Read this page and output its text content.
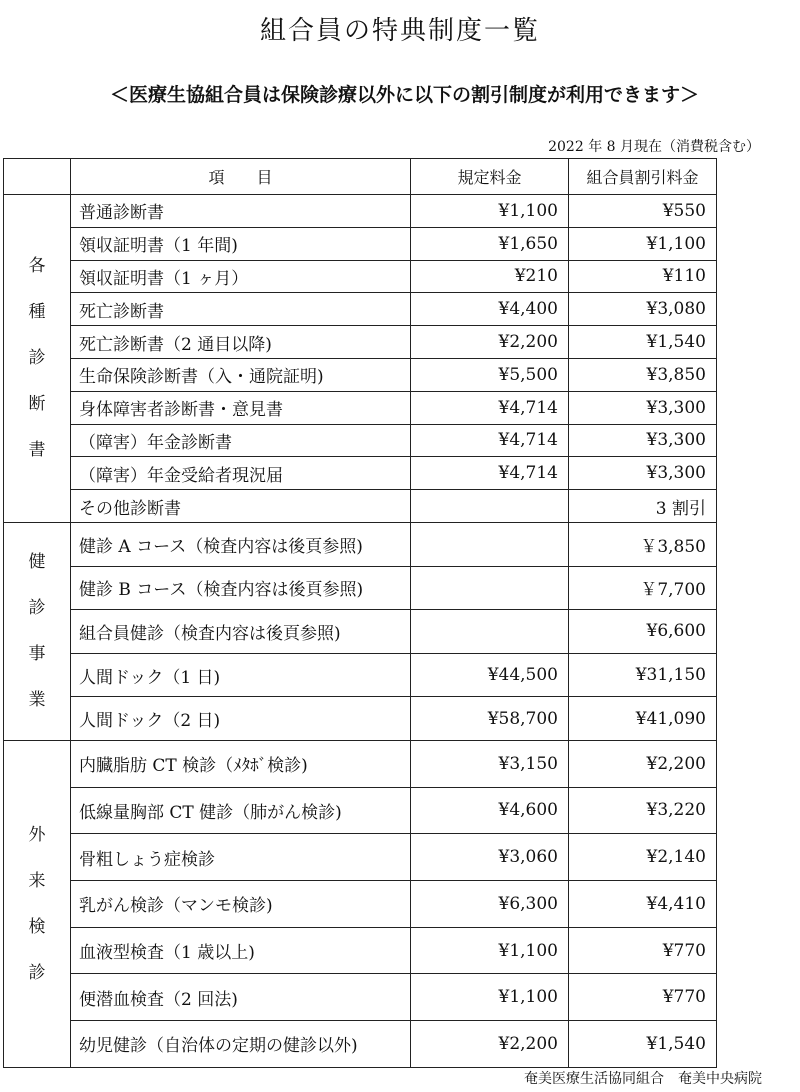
組合員の特典制度一覧
＜医療生協組合員は保険診療以外に以下の割引制度が利用できます＞
2022 年 8 月現在（消費税含む）
	項　　目	規定料金	組合員割引料金
各種診断書	普通診断書	¥1,100	¥550
	領収証明書（1 年間)	¥1,650	¥1,100
	領収証明書（1 ヶ月）	¥210	¥110
	死亡診断書	¥4,400	¥3,080
	死亡診断書（2 通目以降)	¥2,200	¥1,540
	生命保険診断書（入・通院証明)	¥5,500	¥3,850
	身体障害者診断書・意見書	¥4,714	¥3,300
	（障害）年金診断書	¥4,714	¥3,300
	（障害）年金受給者現況届	¥4,714	¥3,300
	その他診断書		3 割引
健診事業	健診 A コース（検査内容は後頁参照)		￥3,850
	健診 B コース（検査内容は後頁参照)		￥7,700
	組合員健診（検査内容は後頁参照)		¥6,600
	人間ドック（1 日)	¥44,500	¥31,150
	人間ドック（2 日)	¥58,700	¥41,090
外来検診	内臓脂肪 CT 検診（ﾒﾀﾎﾞ検診)	¥3,150	¥2,200
	低線量胸部 CT 健診（肺がん検診)	¥4,600	¥3,220
	骨粗しょう症検診	¥3,060	¥2,140
	乳がん検診（マンモ検診)	¥6,300	¥4,410
	血液型検査（1 歳以上)	¥1,100	¥770
	便潜血検査（2 回法)	¥1,100	¥770
	幼児健診（自治体の定期の健診以外)	¥2,200	¥1,540
奄美医療生活協同組合　奄美中央病院
